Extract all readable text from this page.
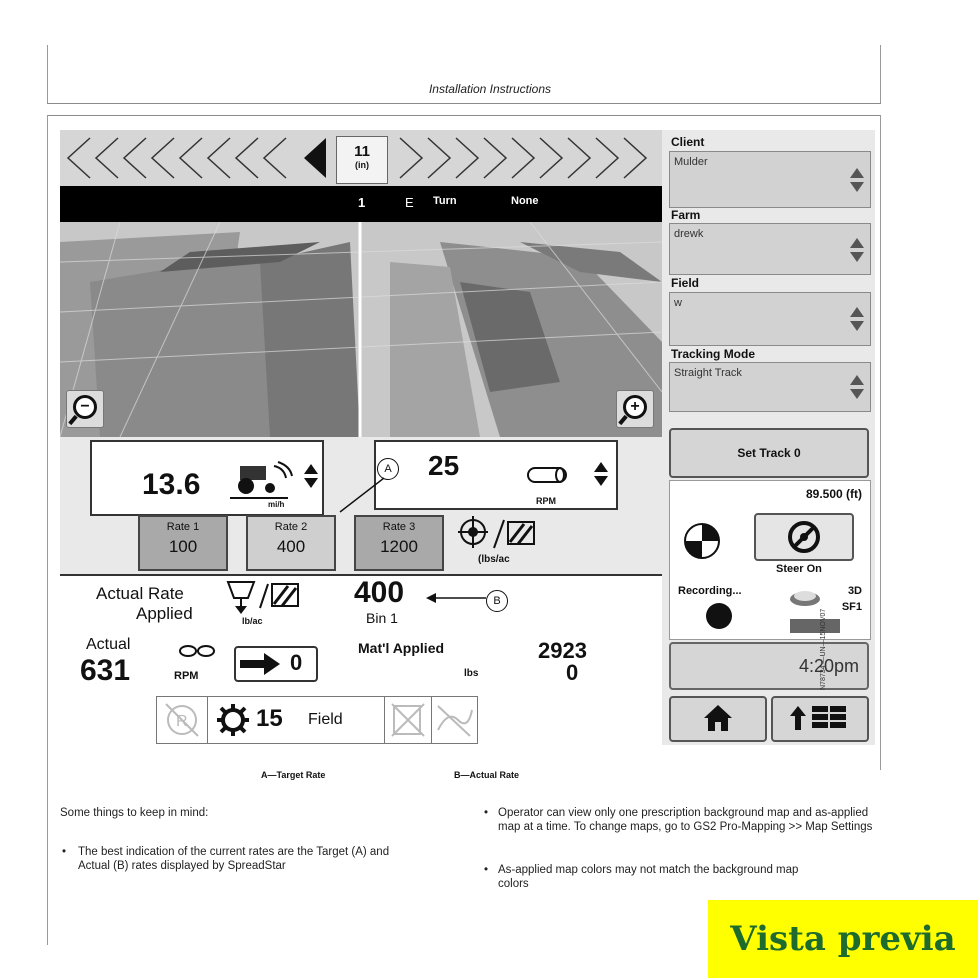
Installation Instructions
11
(in)
1	E Turn	None
−	+
Client
Mulder
Farm
drewk
Field
w
Tracking Mode
Straight Track
Set Track 0
89.500 (ft)
Steer On
Recording...	3D
SF1
4:20pm
13.6
mi/h
25
RPM
A
Rate 1
100
Rate 2
400
Rate 3
1200
(lbs/ac
Actual Rate
Applied	lb/ac
400
Bin 1
B
Actual
631	RPM
0
Mat'l Applied
lbs
2923
0
R	15 Field
N78734 —UN—15NOV07
A—Target Rate	B—Actual Rate
Some things to keep in mind:
• The best indication of the current rates are the Target (A) and Actual (B) rates displayed by SpreadStar
• Operator can view only one prescription background map and as-applied map at a time. To change maps, go to GS2 Pro-Mapping >> Map Settings
• As-applied map colors may not match the background map colors
Vista previa
